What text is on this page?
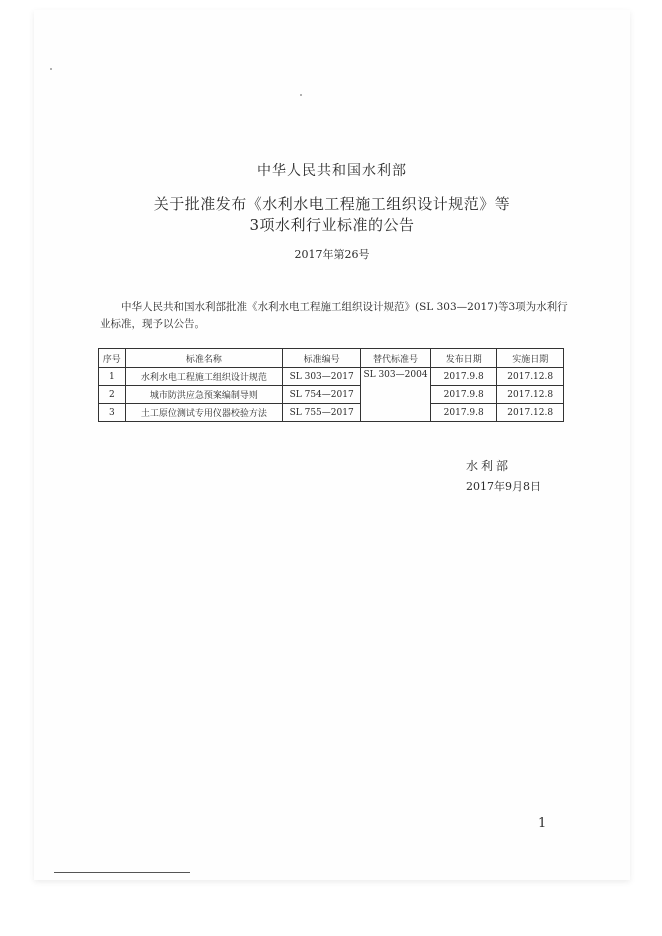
中华人民共和国水利部
关于批准发布《水利水电工程施工组织设计规范》等
3项水利行业标准的公告
2017年第26号

中华人民共和国水利部批准《水利水电工程施工组织设计规范》(SL 303—2017)等3项为水利行业标准，现予以公告。

序号	标准名称	标准编号	替代标准号	发布日期	实施日期
1	水利水电工程施工组织设计规范	SL 303—2017	SL 303—2004	2017.9.8	2017.12.8
2	城市防洪应急预案编制导则	SL 754—2017		2017.9.8	2017.12.8
3	土工原位测试专用仪器校验方法	SL 755—2017		2017.9.8	2017.12.8
水利部
2017年9月8日
1
